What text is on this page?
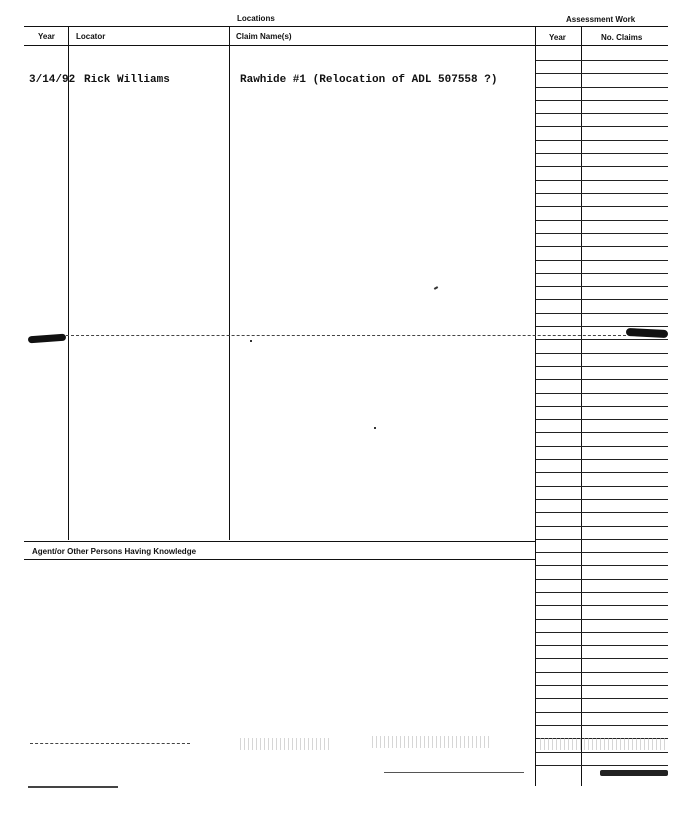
Locations	Assessment Work
Year	Locator	Claim Name(s)	Year	No. Claims
3/14/92 Rick Williams	Rawhide #1 (Relocation of ADL 507558 ?)
Agent/or Other Persons Having Knowledge
